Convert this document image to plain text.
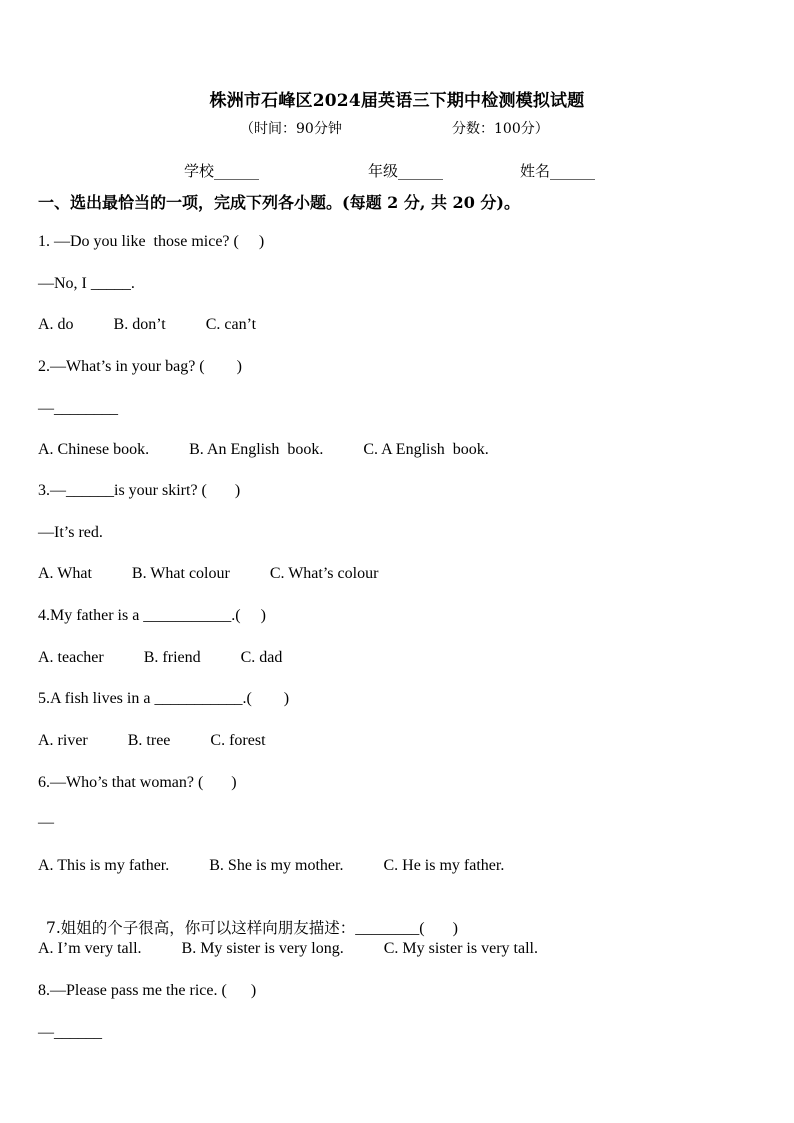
株洲市石峰区2024届英语三下期中检测模拟试题
（时间：90分钟	分数：100分）
学校______	年级______	姓名______
一、选出最恰当的一项，完成下列各小题。(每题 2 分, 共 20 分)。
1. —Do you like  those mice? (     )
—No, I _____.
A. do          B. don’t          C. can’t
2.—What’s in your bag? (        )
—________
A. Chinese book.          B. An English  book.          C. A English  book.
3.—______is your skirt? (       )
—It’s red.
A. What          B. What colour          C. What’s colour
4.My father is a ___________.(     )
A. teacher          B. friend          C. dad
5.A fish lives in a ___________.(        )
A. river          B. tree          C. forest
6.—Who’s that woman? (       )
—
A. This is my father.          B. She is my mother.          C. He is my father.

7.姐姐的个子很高，你可以这样向朋友描述：________(       )

A. I’m very tall.          B. My sister is very long.          C. My sister is very tall.
8.—Please pass me the rice. (      )
—______
